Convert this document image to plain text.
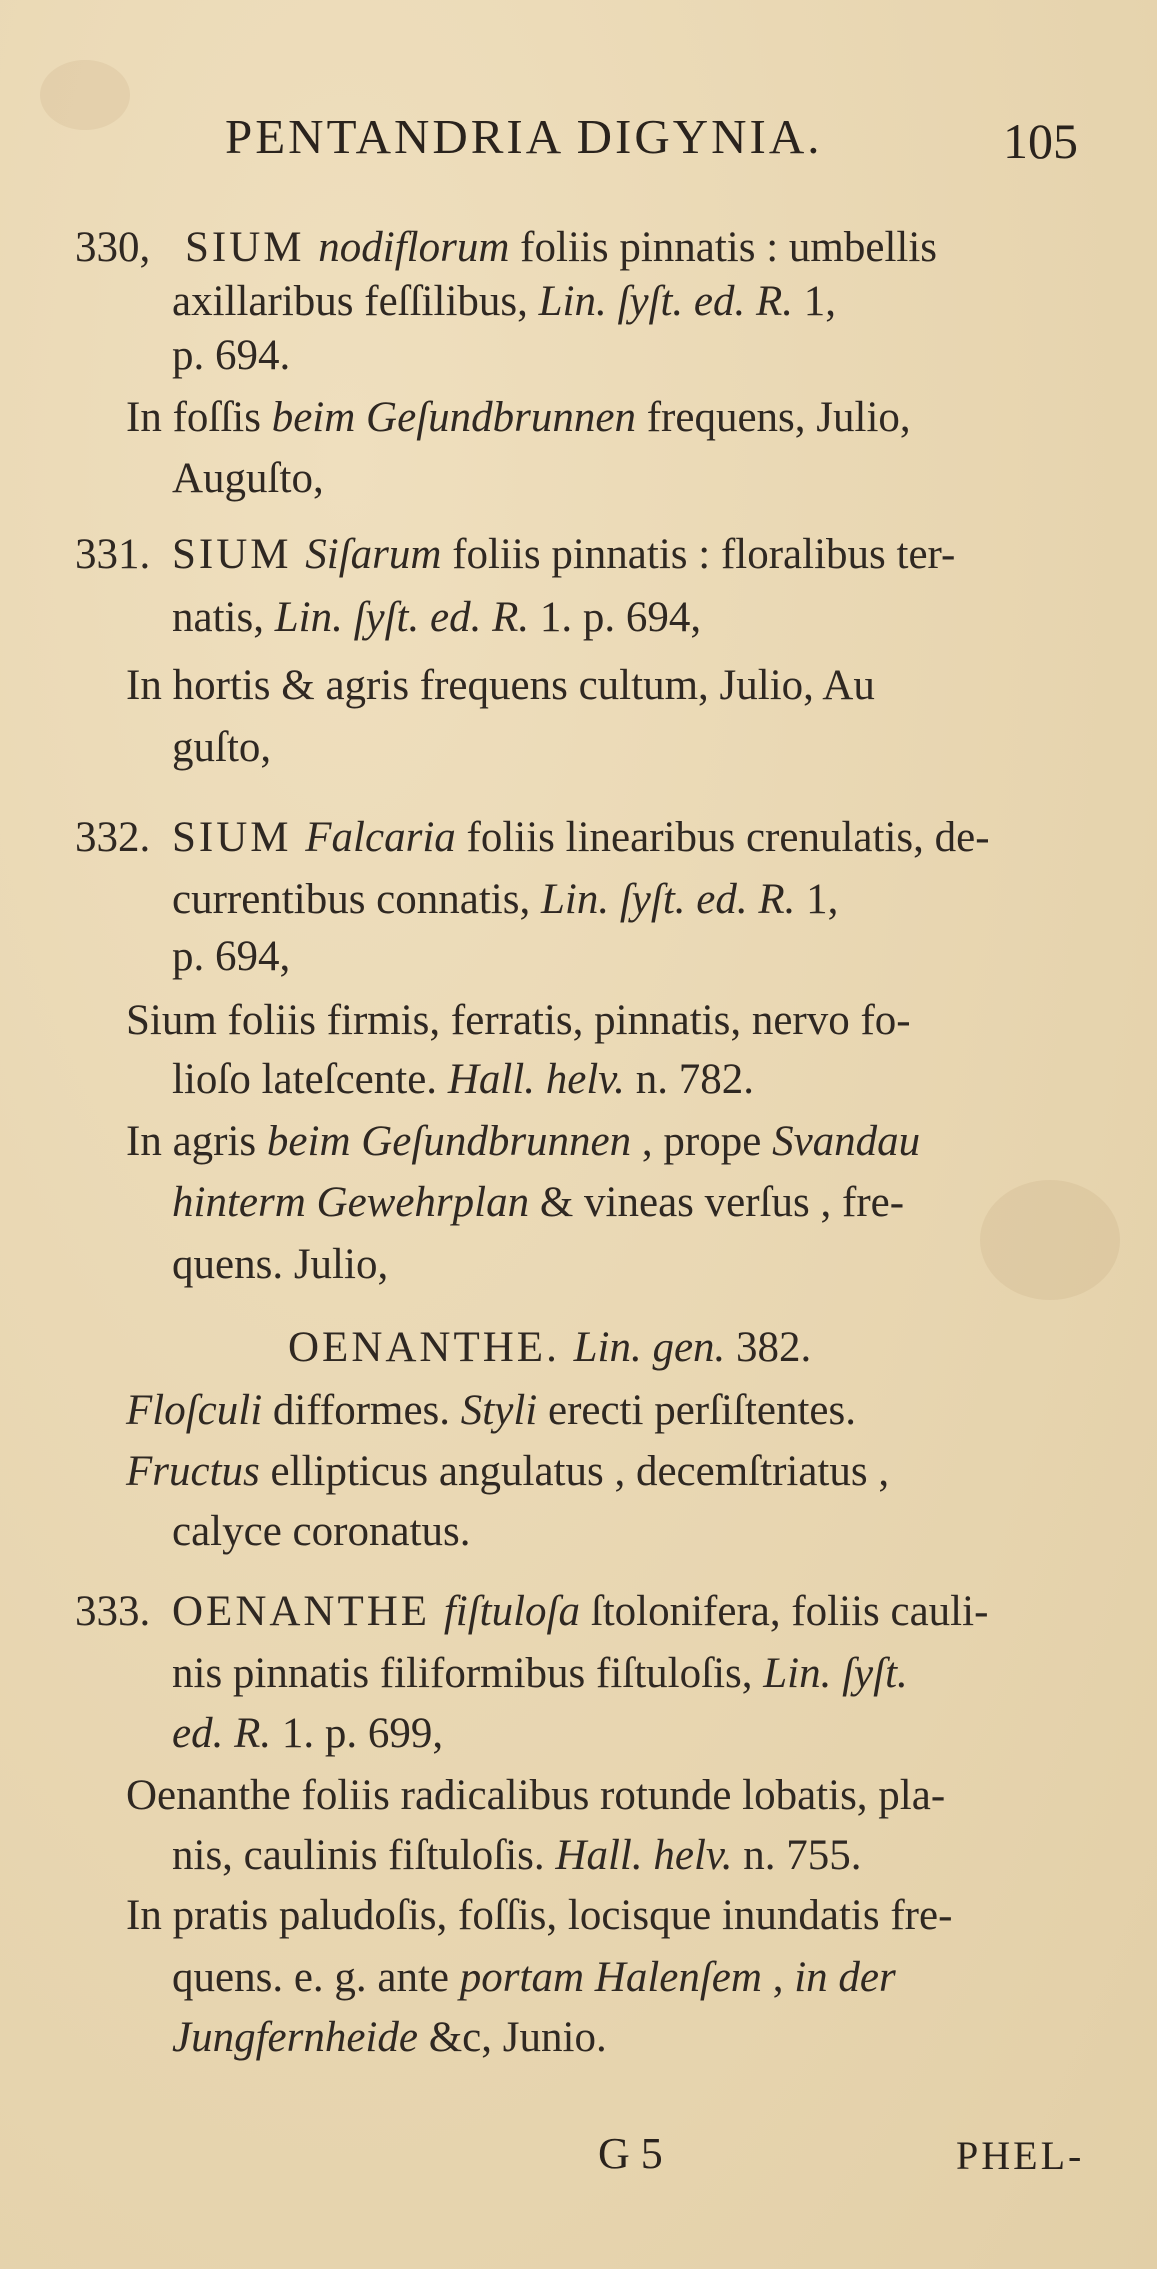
PENTANDRIA DIGYNIA.	105
330, SIUM nodiflorum foliis pinnatis : umbellis
axillaribus feſſilibus, Lin. ſyſt. ed. R. 1,
p. 694.
In foſſis beim Geſundbrunnen frequens, Julio,
Auguſto,
331. SIUM Siſarum foliis pinnatis : floralibus ter-
natis, Lin. ſyſt. ed. R. 1. p. 694,
In hortis & agris frequens cultum, Julio, Au
guſto,
332. SIUM Falcaria foliis linearibus crenulatis, de-
currentibus connatis, Lin. ſyſt. ed. R. 1,
p. 694,
Sium foliis firmis, ferratis, pinnatis, nervo fo-
lioſo lateſcente. Hall. helv. n. 782.
In agris beim Geſundbrunnen , prope Svandau
hinterm Gewehrplan & vineas verſus , fre-
quens. Julio,
OENANTHE. Lin. gen. 382.
Floſculi difformes. Styli erecti perſiſtentes.
Fructus ellipticus angulatus , decemſtriatus ,
calyce coronatus.
333. OENANTHE fiſtuloſa ſtolonifera, foliis cauli-
nis pinnatis filiformibus fiſtuloſis, Lin. ſyſt.
ed. R. 1. p. 699,
Oenanthe foliis radicalibus rotunde lobatis, pla-
nis, caulinis fiſtuloſis. Hall. helv. n. 755.
In pratis paludoſis, foſſis, locisque inundatis fre-
quens. e. g. ante portam Halenſem , in der
Jungfernheide &c, Junio.
G 5	PHEL-
